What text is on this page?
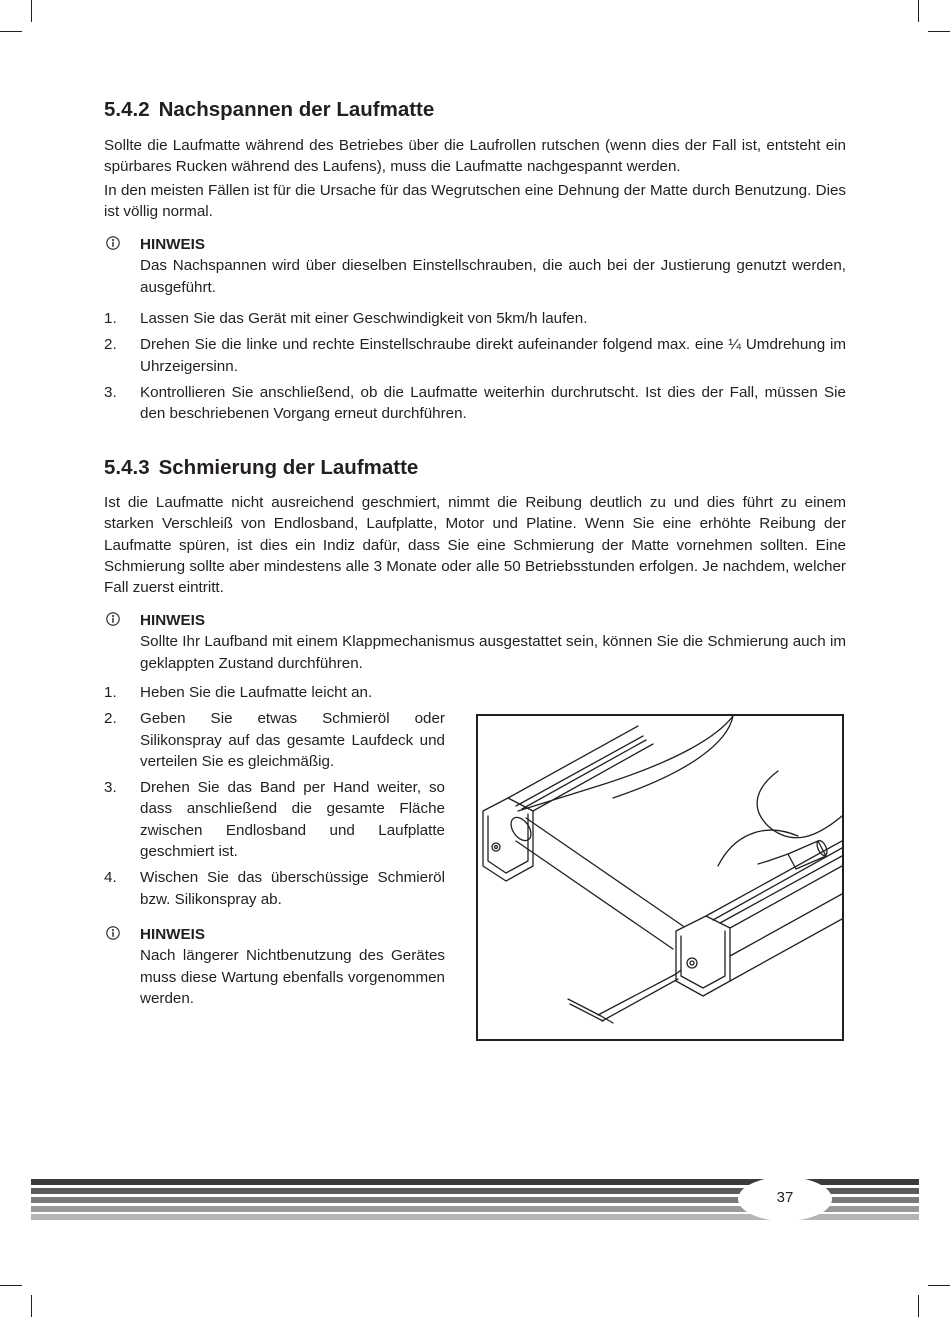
5.4.2 Nachspannen der Laufmatte

Sollte die Laufmatte während des Betriebes über die Laufrollen rutschen (wenn dies der Fall ist, entsteht ein spürbares Rucken während des Laufens), muss die Laufmatte nachgespannt werden.

In den meisten Fällen ist für die Ursache für das Wegrutschen eine Dehnung der Matte durch Benutzung. Dies ist völlig normal.

HINWEIS

Das Nachspannen wird über dieselben Einstellschrauben, die auch bei der Justierung genutzt werden, ausgeführt.

1. Lassen Sie das Gerät mit einer Geschwindigkeit von 5km/h laufen.
2. Drehen Sie die linke und rechte Einstellschraube direkt aufeinander folgend max. eine ¼ Umdrehung im Uhrzeigersinn.
3. Kontrollieren Sie anschließend, ob die Laufmatte weiterhin durchrutscht. Ist dies der Fall, müssen Sie den beschriebenen Vorgang erneut durchführen.
5.4.3 Schmierung der Laufmatte

Ist die Laufmatte nicht ausreichend geschmiert, nimmt die Reibung deutlich zu und dies führt zu einem starken Verschleiß von Endlosband, Laufplatte, Motor und Platine. Wenn Sie eine erhöhte Reibung der Laufmatte spüren, ist dies ein Indiz dafür, dass Sie eine Schmierung der Matte vornehmen sollten. Eine Schmierung sollte aber mindestens alle 3 Monate oder alle 50 Betriebsstunden erfolgen. Je nachdem, welcher Fall zuerst eintritt.

HINWEIS

Sollte Ihr Laufband mit einem Klappmechanismus ausgestattet sein, können Sie die Schmierung auch im geklappten Zustand durchführen.

1. Heben Sie die Laufmatte leicht an.
2. Geben Sie etwas Schmieröl oder Silikonspray auf das gesamte Laufdeck und verteilen Sie es gleichmäßig.
3. Drehen Sie das Band per Hand weiter, so dass anschließend die gesamte Fläche zwischen Endlosband und Laufplatte geschmiert ist.
4. Wischen Sie das überschüssige Schmieröl bzw. Silikonspray ab.
HINWEIS

Nach längerer Nichtbenutzung des Gerätes muss diese Wartung ebenfalls vorgenommen werden.

37
